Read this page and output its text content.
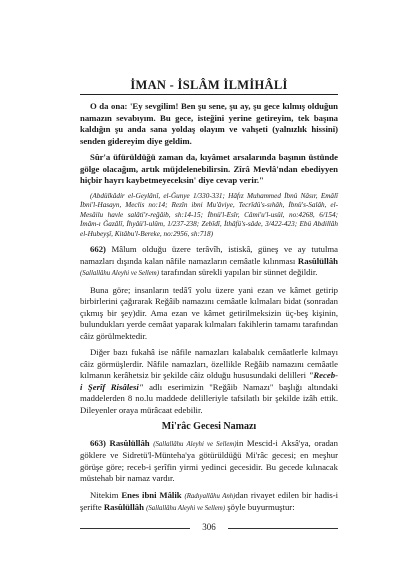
İMAN - İSLÂM İLMİHÂLİ

O da ona: 'Ey sevgilim! Ben şu sene, şu ay, şu gece kılmış olduğun namazın sevabıyım. Bu gece, isteğini yerine getireyim, tek başına kaldığın şu anda sana yoldaş olayım ve vahşeti (yalnızlık hissini) senden gidereyim diye geldim.

Sûr'a üfürüldüğü zaman da, kıyâmet arsalarında başının üstünde gölge olacağım, artık müjdelenebilirsin. Zîrâ Mevlâ'ndan ebediyyen hiçbir hayrı kaybetmeyeceksin' diye cevap verir."

(Abdülkâdir el-Geylânî, el-Ğunye 1/330-331; Hâfız Muhammed İbnü Nâsır, Emâlî İbni'l-Hasayn, Meclis no:14; Rezîn ibni Mu'âviye, Tecrîdü's-sıhâh, İbnü's-Salâh, el-Mesâilu havle salâti'r-reğâib, sh:14-15; İbnü'l-Esîr, Câmi'u'l-usûl, no:4268, 6/154; İmâm-ı Ğazâlî, İhyâü'l-ulûm, 1/237-238; Zebîdî, İthâfü's-sâde, 3/422-423; Ebü Abdillâh el-Hubeyşî, Kitâbu'l-Bereke, no:2956, sh:718)

662) Mâlum olduğu üzere terâvîh, istiskâ, güneş ve ay tutulma namazları dışında kalan nâfile namazların cemâatle kılınması Rasûlüllâh (Sallallâhu Aleyhi ve Sellem) tarafından sürekli yapılan bir sünnet değildir.

Buna göre; insanların tedâ'î yolu üzere yani ezan ve kâmet getirip birbirlerini çağırarak Reğâib namazını cemâatle kılmaları bidat (sonradan çıkmış bir şey)dir. Ama ezan ve kâmet getirilmeksizin üç-beş kişinin, bulundukları yerde cemâat yaparak kılmaları fakihlerin tamamı tarafından câiz görülmektedir.

Diğer bazı fukahâ ise nâfile namazları kalabalık cemâatlerle kılmayı câiz görmüşlerdir. Nâfile namazları, özellikle Reğâib namazını cemâatle kılmanın kerâhetsiz bir şekilde câiz olduğu hususundaki delilleri "Receb-i Şerîf Risâlesi" adlı eserimizin "Reğâib Namazı" başlığı altındaki maddelerden 8 no.lu maddede delilleriyle tafsilatlı bir şekilde izâh ettik. Dileyenler oraya mürâcaat edebilir.

Mi'râc Gecesi Namazı

663) Rasûlüllâh (Sallallâhu Aleyhi ve Sellem)in Mescid-i Aksâ'ya, oradan göklere ve Sidretü'l-Münteha'ya götürüldüğü Mi'râc gecesi; en meşhur görüşe göre; receb-i şerîfin yirmi yedinci gecesidir. Bu gecede kılınacak müstehab bir namaz vardır.

Nitekim Enes ibni Mâlik (Radıyallâhu Anh)dan rivayet edilen bir hadis-i şerifte Rasûlüllâh (Sallallâhu Aleyhi ve Sellem) şöyle buyurmuştur:

306
